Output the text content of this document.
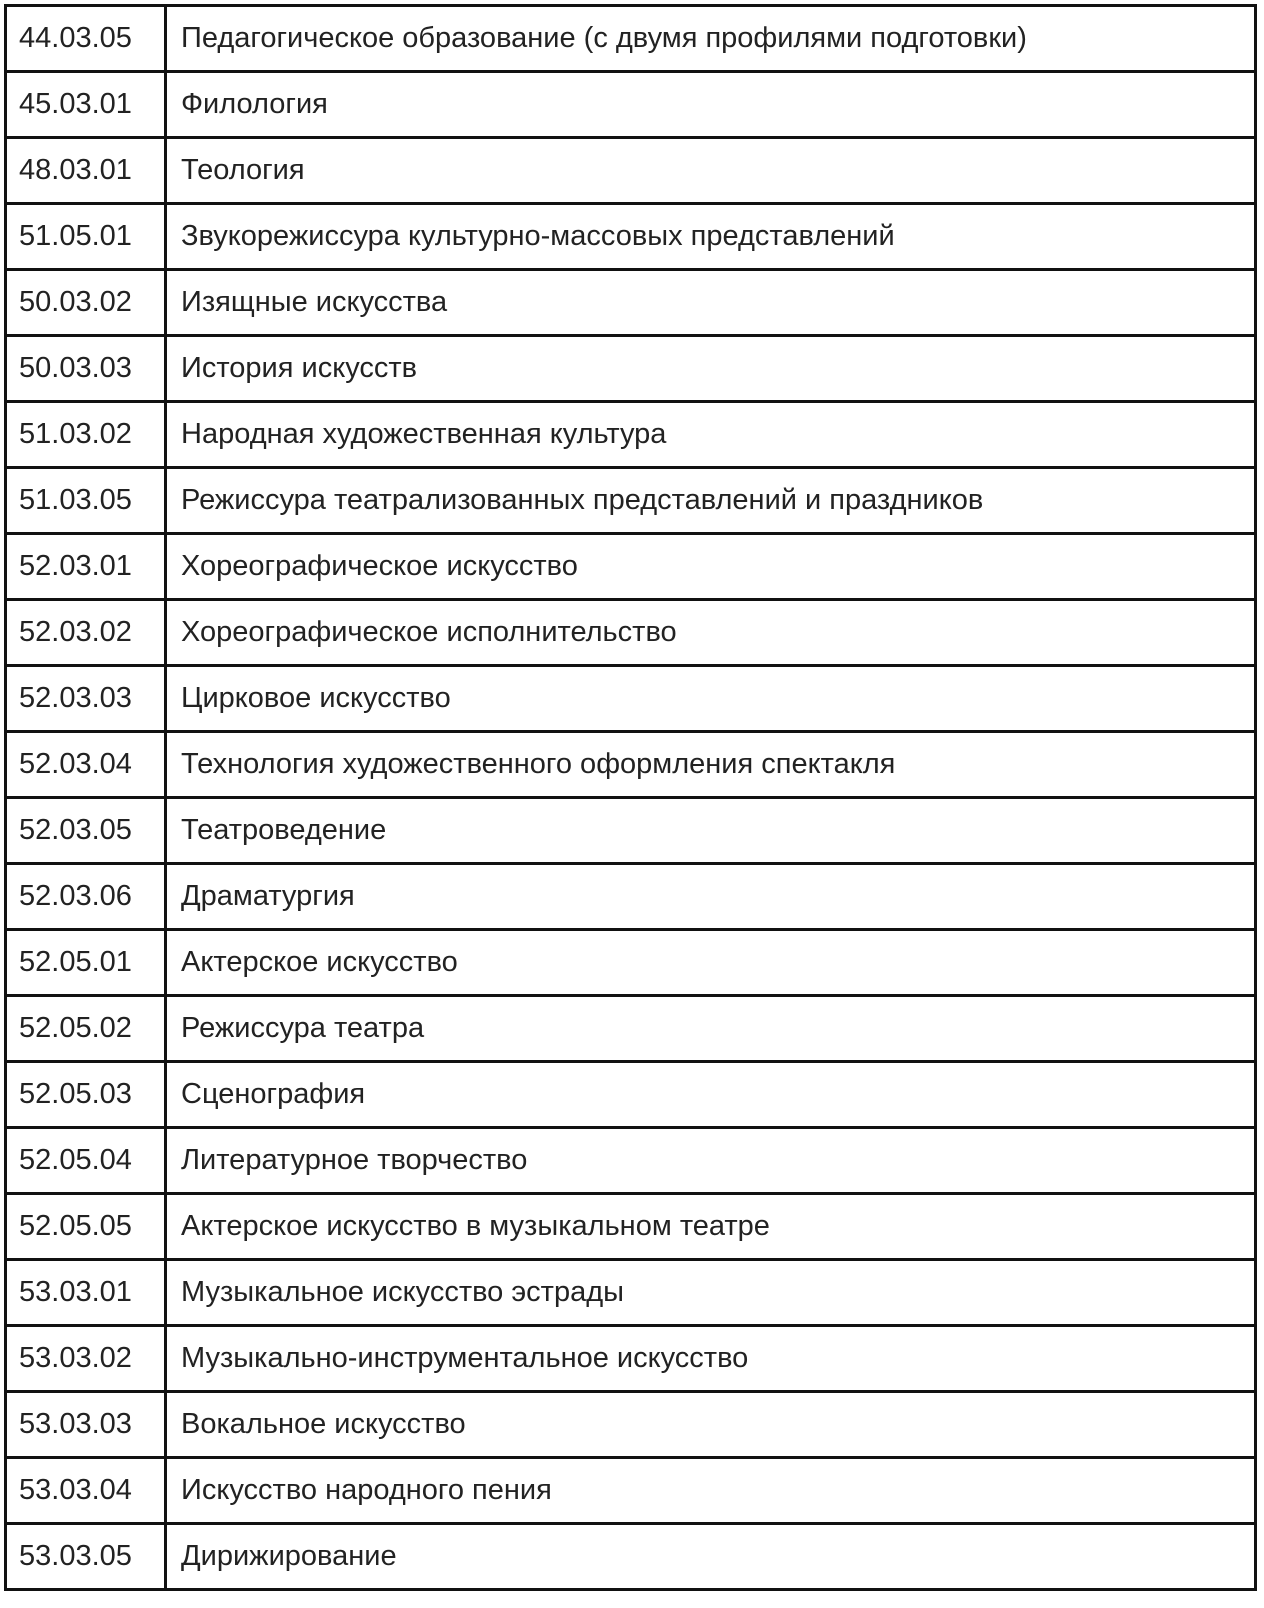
44.03.05	Педагогическое образование (с двумя профилями подготовки)
45.03.01	Филология
48.03.01	Теология
51.05.01	Звукорежиссура культурно-массовых представлений
50.03.02	Изящные искусства
50.03.03	История искусств
51.03.02	Народная художественная культура
51.03.05	Режиссура театрализованных представлений и праздников
52.03.01	Хореографическое искусство
52.03.02	Хореографическое исполнительство
52.03.03	Цирковое искусство
52.03.04	Технология художественного оформления спектакля
52.03.05	Театроведение
52.03.06	Драматургия
52.05.01	Актерское искусство
52.05.02	Режиссура театра
52.05.03	Сценография
52.05.04	Литературное творчество
52.05.05	Актерское искусство в музыкальном театре
53.03.01	Музыкальное искусство эстрады
53.03.02	Музыкально-инструментальное искусство
53.03.03	Вокальное искусство
53.03.04	Искусство народного пения
53.03.05	Дирижирование
